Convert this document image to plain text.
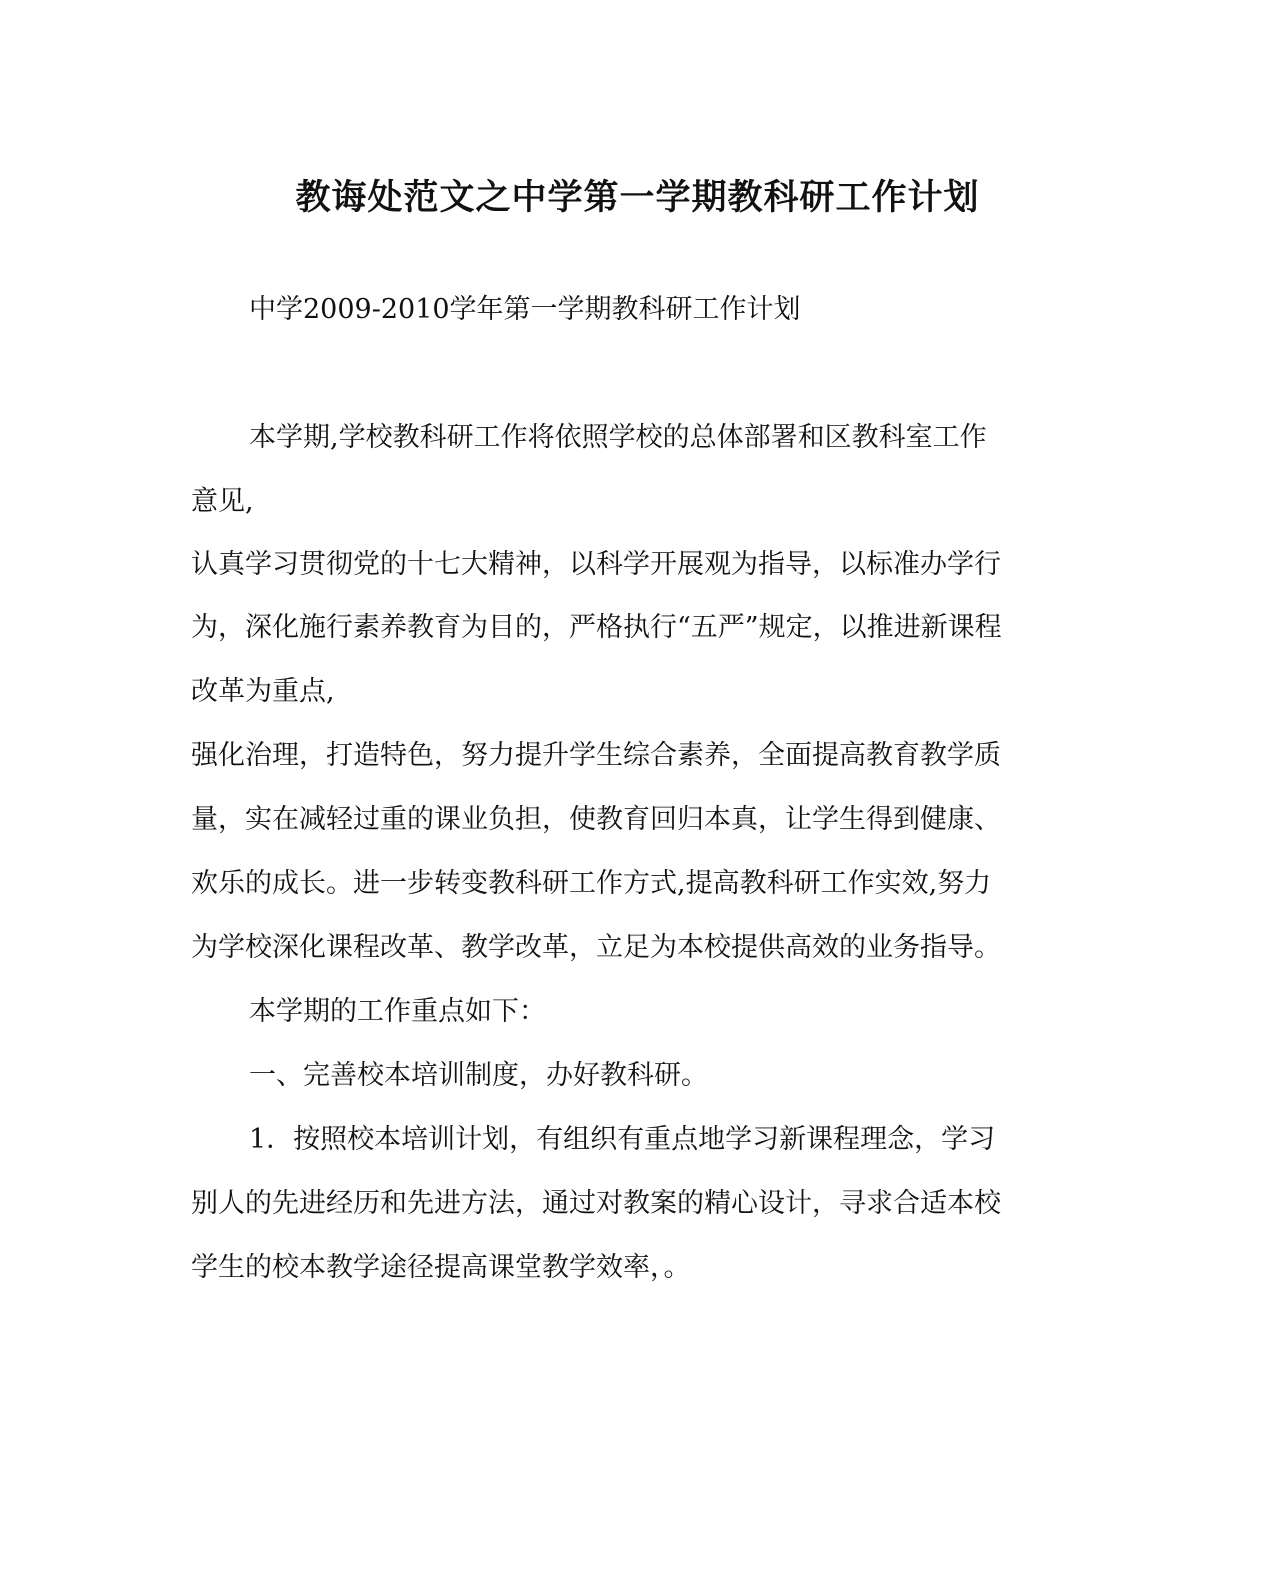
教诲处范文之中学第一学期教科研工作计划
中学2009-2010学年第一学期教科研工作计划
本学期,学校教科研工作将依照学校的总体部署和区教科室工作
意见,
认真学习贯彻党的十七大精神，以科学开展观为指导，以标准办学行
为，深化施行素养教育为目的，严格执行“五严”规定，以推进新课程
改革为重点,
强化治理，打造特色，努力提升学生综合素养，全面提高教育教学质
量，实在减轻过重的课业负担，使教育回归本真，让学生得到健康、
欢乐的成长。进一步转变教科研工作方式,提高教科研工作实效,努力
为学校深化课程改革、教学改革，立足为本校提供高效的业务指导。
本学期的工作重点如下：
一、完善校本培训制度，办好教科研。
1．按照校本培训计划，有组织有重点地学习新课程理念，学习
别人的先进经历和先进方法，通过对教案的精心设计，寻求合适本校
学生的校本教学途径提高课堂教学效率，。
